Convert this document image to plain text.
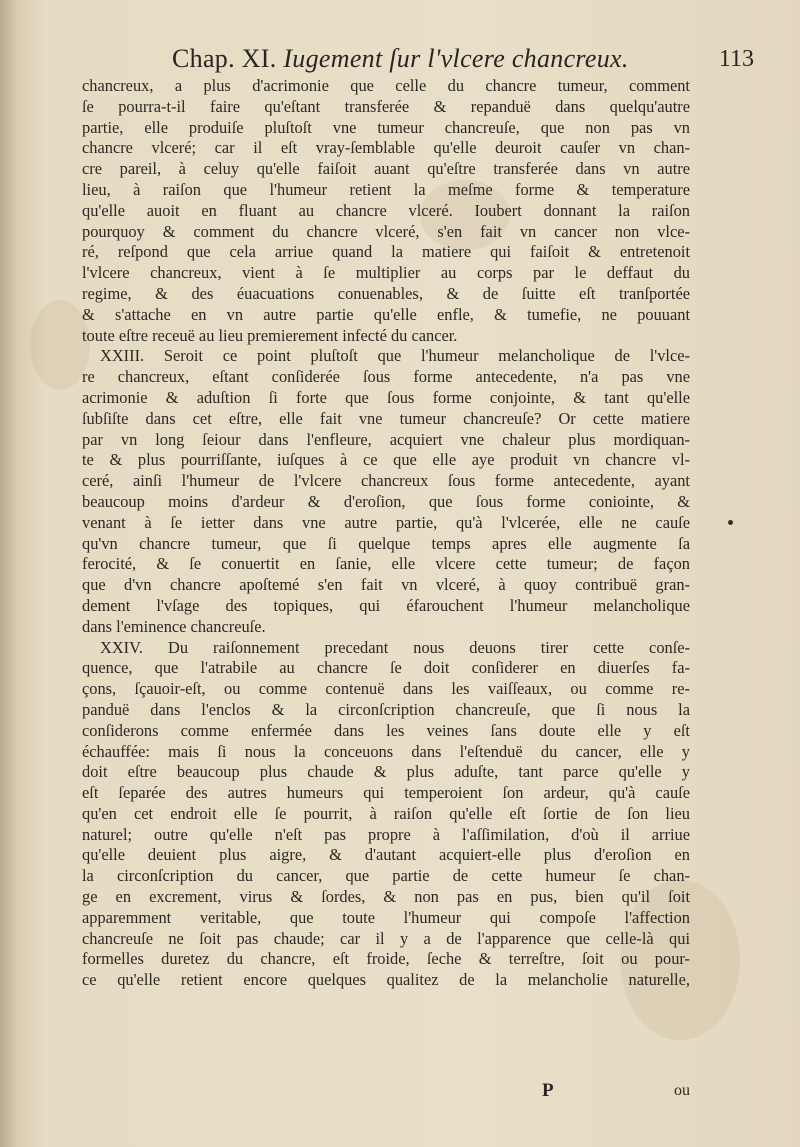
Chap. XI. Iugement ſur l'vlcere chancreux.	113
chancreux, a plus d'acrimonie que celle du chancre tumeur, comment
ſe pourra-t-il faire qu'eſtant transferée & repanduë dans quelqu'autre
partie, elle produiſe pluſtoſt vne tumeur chancreuſe, que non pas vn
chancre vlceré; car il eſt vray-ſemblable qu'elle deuroit cauſer vn chan-
cre pareil, à celuy qu'elle faiſoit auant qu'eſtre transferée dans vn autre
lieu, à raiſon que l'humeur retient la meſme forme & temperature
qu'elle auoit en fluant au chancre vlceré. Ioubert donnant la raiſon
pourquoy & comment du chancre vlceré, s'en fait vn cancer non vlce-
ré, reſpond que cela arriue quand la matiere qui faiſoit & entretenoit
l'vlcere chancreux, vient à ſe multiplier au corps par le deffaut du
regime, & des éuacuations conuenables, & de ſuitte eſt tranſportée
& s'attache en vn autre partie qu'elle enfle, & tumefie, ne pouuant
toute eſtre receuë au lieu premierement infecté du cancer.
XXIII. Seroit ce point pluſtoſt que l'humeur melancholique de l'vlce-
re chancreux, eſtant conſiderée ſous forme antecedente, n'a pas vne
acrimonie & aduſtion ſi forte que ſous forme conjointe, & tant qu'elle
ſubſiſte dans cet eſtre, elle fait vne tumeur chancreuſe? Or cette matiere
par vn long ſeiour dans l'enfleure, acquiert vne chaleur plus mordiquan-
te & plus pourriſſante, iuſques à ce que elle aye produit vn chancre vl-
ceré, ainſi l'humeur de l'vlcere chancreux ſous forme antecedente, ayant
beaucoup moins d'ardeur & d'eroſion, que ſous forme coniointe, &
venant à ſe ietter dans vne autre partie, qu'à l'vlcerée, elle ne cauſe
qu'vn chancre tumeur, que ſi quelque temps apres elle augmente ſa
ferocité, & ſe conuertit en ſanie, elle vlcere cette tumeur; de façon
que d'vn chancre apoſtemé s'en fait vn vlceré, à quoy contribuë gran-
dement l'vſage des topiques, qui éfarouchent l'humeur melancholique
dans l'eminence chancreuſe.
XXIV. Du raiſonnement precedant nous deuons tirer cette conſe-
quence, que l'atrabile au chancre ſe doit conſiderer en diuerſes fa-
çons, ſçauoir-eſt, ou comme contenuë dans les vaiſſeaux, ou comme re-
panduë dans l'enclos & la circonſcription chancreuſe, que ſi nous la
conſiderons comme enfermée dans les veines ſans doute elle y eſt
échauffée: mais ſi nous la conceuons dans l'eſtenduë du cancer, elle y
doit eſtre beaucoup plus chaude & plus aduſte, tant parce qu'elle y
eſt ſeparée des autres humeurs qui temperoient ſon ardeur, qu'à cauſe
qu'en cet endroit elle ſe pourrit, à raiſon qu'elle eſt ſortie de ſon lieu
naturel; outre qu'elle n'eſt pas propre à l'aſſimilation, d'où il arriue
qu'elle deuient plus aigre, & d'autant acquiert-elle plus d'eroſion en
la circonſcription du cancer, que partie de cette humeur ſe chan-
ge en excrement, virus & ſordes, & non pas en pus, bien qu'il ſoit
apparemment veritable, que toute l'humeur qui compoſe l'affection
chancreuſe ne ſoit pas chaude; car il y a de l'apparence que celle-là qui
formelles duretez du chancre, eſt froide, ſeche & terreſtre, ſoit ou pour-
ce qu'elle retient encore quelques qualitez de la melancholie naturelle,
P	ou
